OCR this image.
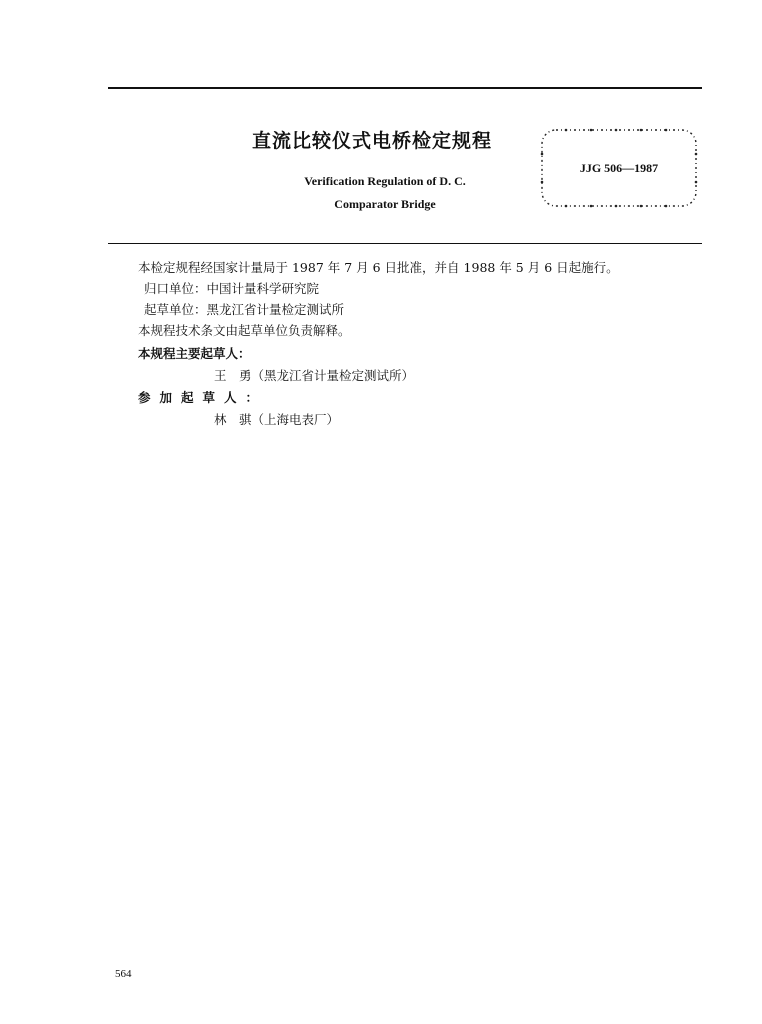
直流比较仪式电桥检定规程
Verification Regulation of D. C.
Comparator Bridge
JJG 506—1987
本检定规程经国家计量局于 1987 年 7 月 6 日批准，并自 1988 年 5 月 6 日起施行。
归口单位：中国计量科学研究院
起草单位：黑龙江省计量检定测试所
本规程技术条文由起草单位负责解释。
本规程主要起草人：
王　勇（黑龙江省计量检定测试所）
参加起草人：
林　骐（上海电表厂）
564
